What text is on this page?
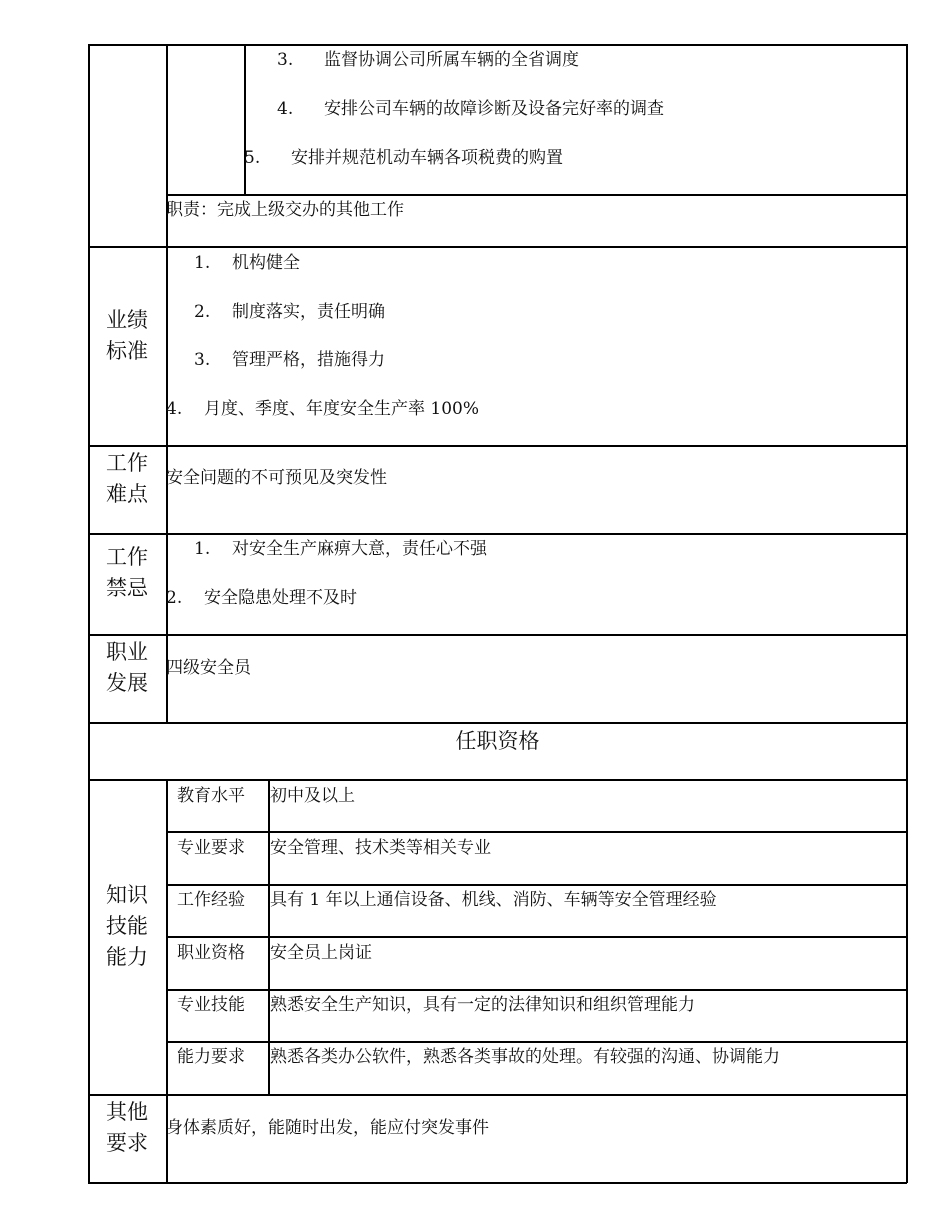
3. 监督协调公司所属车辆的全省调度
4. 安排公司车辆的故障诊断及设备完好率的调查
5. 安排并规范机动车辆各项税费的购置
职责：完成上级交办的其他工作
业绩
标准
1. 机构健全
2. 制度落实，责任明确
3. 管理严格，措施得力
4. 月度、季度、年度安全生产率 100%
工作
难点
安全问题的不可预见及突发性
工作
禁忌
1. 对安全生产麻痹大意，责任心不强
2. 安全隐患处理不及时
职业
发展
四级安全员
任职资格
知识
技能
能力
教育水平 初中及以上
专业要求 安全管理、技术类等相关专业
工作经验 具有 1 年以上通信设备、机线、消防、车辆等安全管理经验
职业资格 安全员上岗证
专业技能 熟悉安全生产知识，具有一定的法律知识和组织管理能力
能力要求 熟悉各类办公软件，熟悉各类事故的处理。有较强的沟通、协调能力
其他
要求
身体素质好，能随时出发，能应付突发事件
